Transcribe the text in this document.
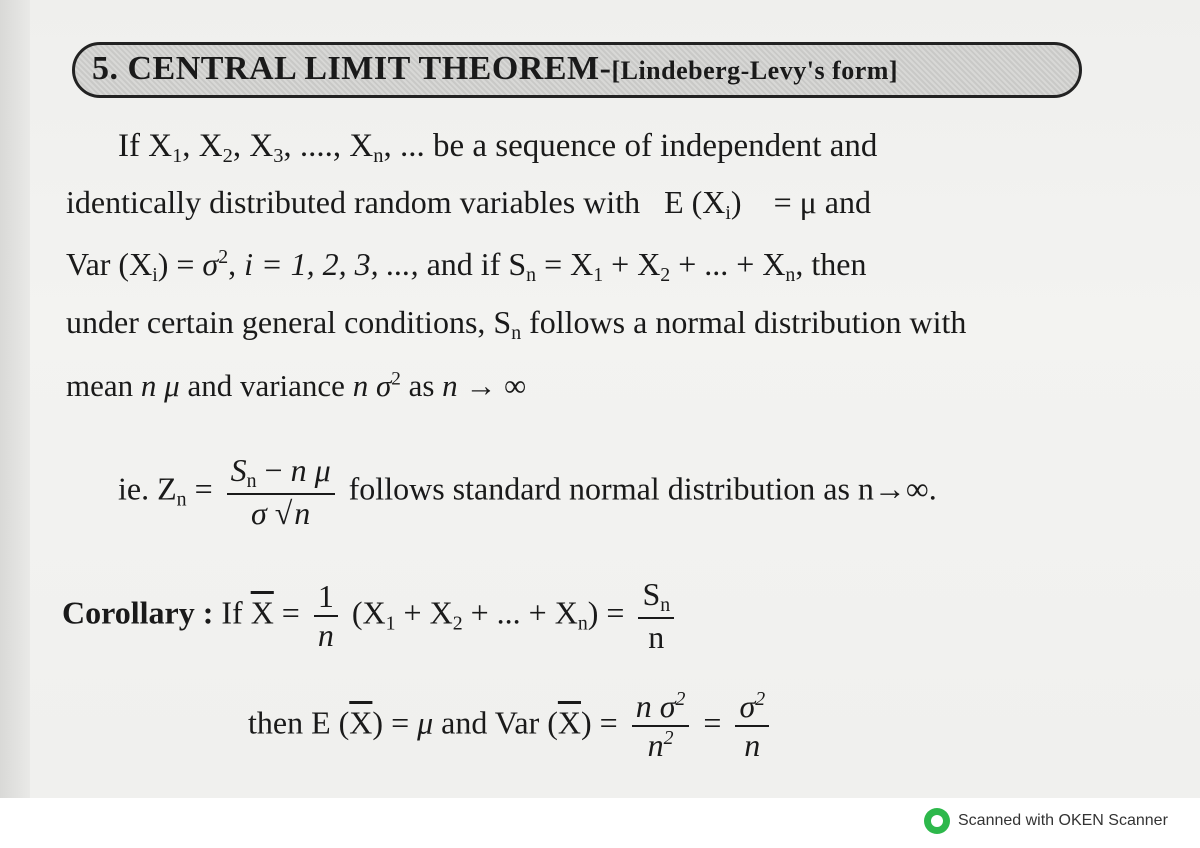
5. CENTRAL LIMIT THEOREM-[Lindeberg-Levy's form]
If $X_1$, $X_2$, $X_3$, ...., $X_n$, ... be a sequence of independent and
identically distributed random variables with E $(X_i)$    = μ and
Var $(X_i) = \sigma^2$, i = 1, 2, 3, ..., and if $S_n = X_1 + X_2$ + ... + $X_n$, then
under certain general conditions, $S_n$ follows a normal distribution with
mean n μ and variance n $\sigma^2$ as n → ∞
ie. $Z_n = \frac{S_n - n \mu}{\sigma √n}$ follows standard normal distribution as n→∞.
Corollary : If $\overline{X} = \frac{1}{n} (X_1 + X_2$ + ... + $X_n) = \frac{S_n}{n}$
then E $(\overline{X}) = \mu$ and Var $(\overline{X}) = \frac{n \sigma^2}{n^2} = \frac{\sigma^2}{n}$
Scanned with OKEN Scanner
